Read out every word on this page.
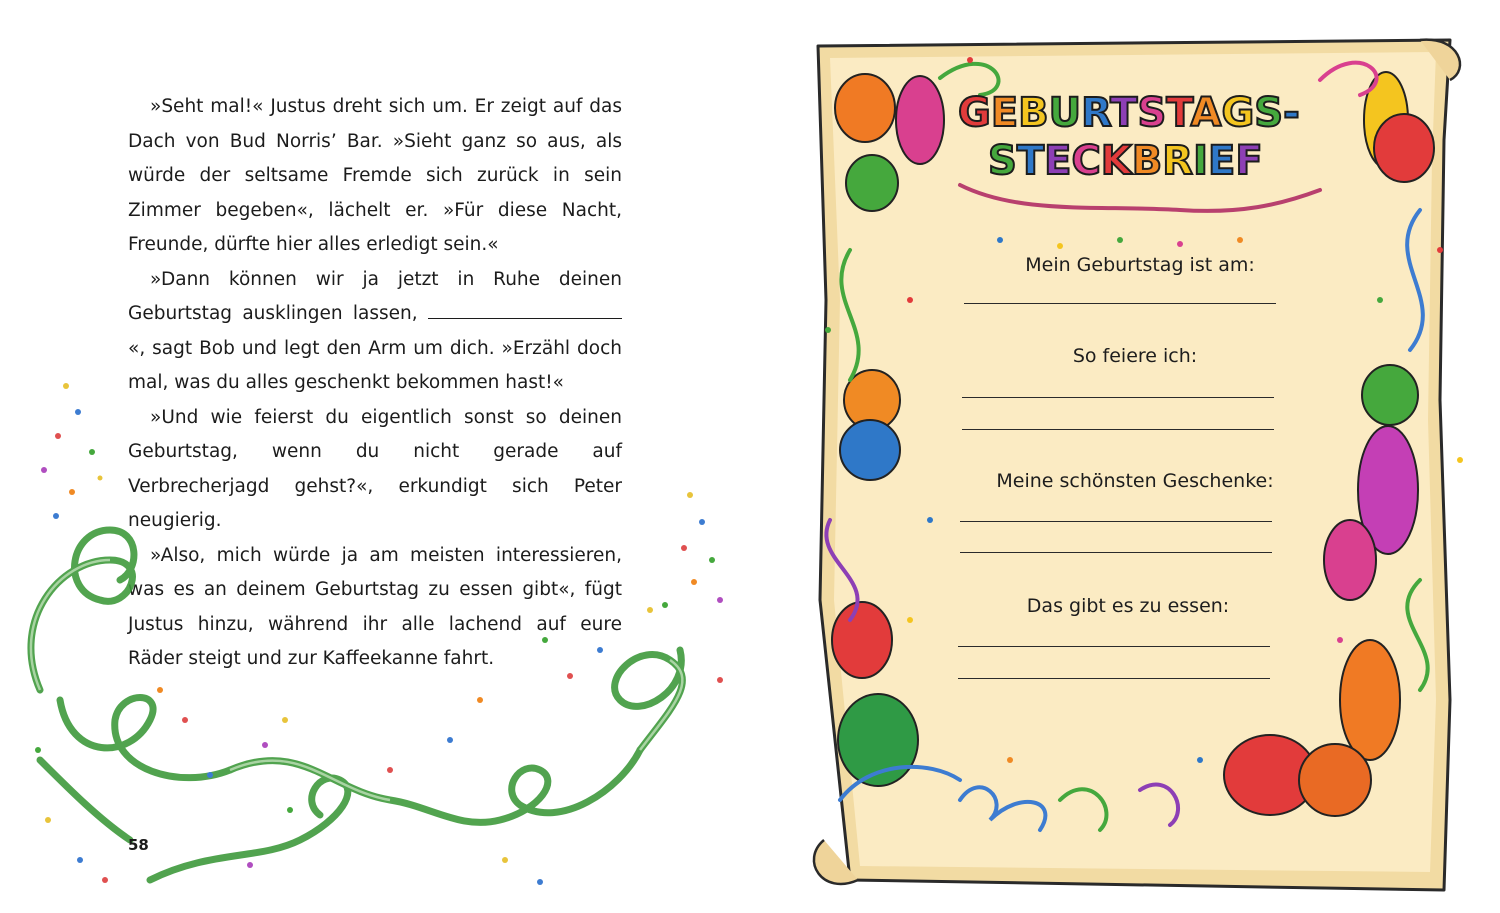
»Seht mal!« Justus dreht sich um. Er zeigt auf das Dach von Bud Norris’ Bar. »Sieht ganz so aus, als würde der seltsame Fremde sich zurück in sein Zimmer begeben«, lächelt er. »Für diese Nacht, Freunde, dürfte hier alles erledigt sein.«

»Dann können wir ja jetzt in Ruhe deinen Geburtstag ausklingen lassen, «, sagt Bob und legt den Arm um dich. »Erzähl doch mal, was du alles geschenkt bekommen hast!«

»Und wie feierst du eigentlich sonst so deinen Geburtstag, wenn du nicht gerade auf Verbrecherjagd gehst?«, erkundigt sich Peter neugierig.

»Also, mich würde ja am meisten interessieren, was es an deinem Geburtstag zu essen gibt«, fügt Justus hinzu, während ihr alle lachend auf eure Räder steigt und zur Kaffeekanne fahrt.

58
GEBURTSTAGS-
STECKBRIEF
Mein Geburtstag ist am:
So feiere ich:
Meine schönsten Geschenke:
Das gibt es zu essen:
